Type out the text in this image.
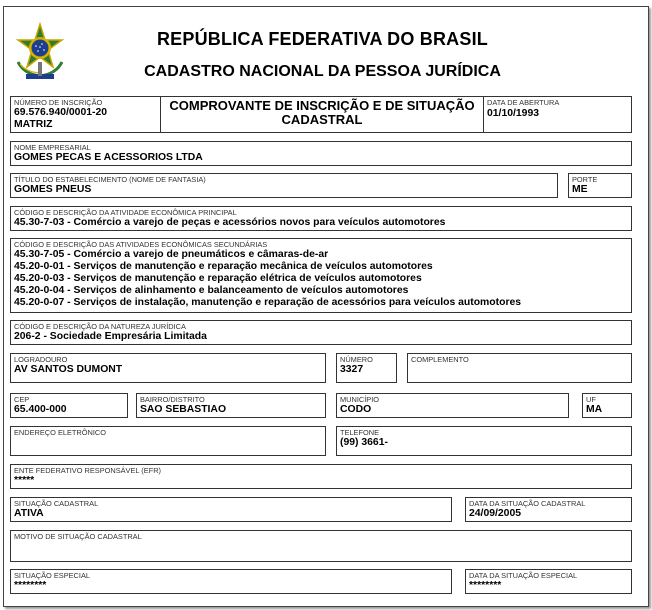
REPÚBLICA FEDERATIVA DO BRASIL
CADASTRO NACIONAL DA PESSOA JURÍDICA
NÚMERO DE INSCRIÇÃO
69.576.940/0001-20
MATRIZ
COMPROVANTE DE INSCRIÇÃO E DE SITUAÇÃO
CADASTRAL
DATA DE ABERTURA
01/10/1993
NOME EMPRESARIAL
GOMES PECAS E ACESSORIOS LTDA
TÍTULO DO ESTABELECIMENTO (NOME DE FANTASIA)
GOMES PNEUS
PORTE
ME
CÓDIGO E DESCRIÇÃO DA ATIVIDADE ECONÔMICA PRINCIPAL
45.30-7-03 - Comércio a varejo de peças e acessórios novos para veículos automotores
CÓDIGO E DESCRIÇÃO DAS ATIVIDADES ECONÔMICAS SECUNDÁRIAS
45.30-7-05 - Comércio a varejo de pneumáticos e câmaras-de-ar
45.20-0-01 - Serviços de manutenção e reparação mecânica de veículos automotores
45.20-0-03 - Serviços de manutenção e reparação elétrica de veículos automotores
45.20-0-04 - Serviços de alinhamento e balanceamento de veículos automotores
45.20-0-07 - Serviços de instalação, manutenção e reparação de acessórios para veículos automotores
CÓDIGO E DESCRIÇÃO DA NATUREZA JURÍDICA
206-2 - Sociedade Empresária Limitada
LOGRADOURO
AV SANTOS DUMONT
NÚMERO
3327
COMPLEMENTO
CEP
65.400-000
BAIRRO/DISTRITO
SAO SEBASTIAO
MUNICÍPIO
CODO
UF
MA
ENDEREÇO ELETRÔNICO	TELEFONE
(99) 3661-
ENTE FEDERATIVO RESPONSÁVEL (EFR)
*****
SITUAÇÃO CADASTRAL
ATIVA
DATA DA SITUAÇÃO CADASTRAL
24/09/2005
MOTIVO DE SITUAÇÃO CADASTRAL
SITUAÇÃO ESPECIAL
********
DATA DA SITUAÇÃO ESPECIAL
********
